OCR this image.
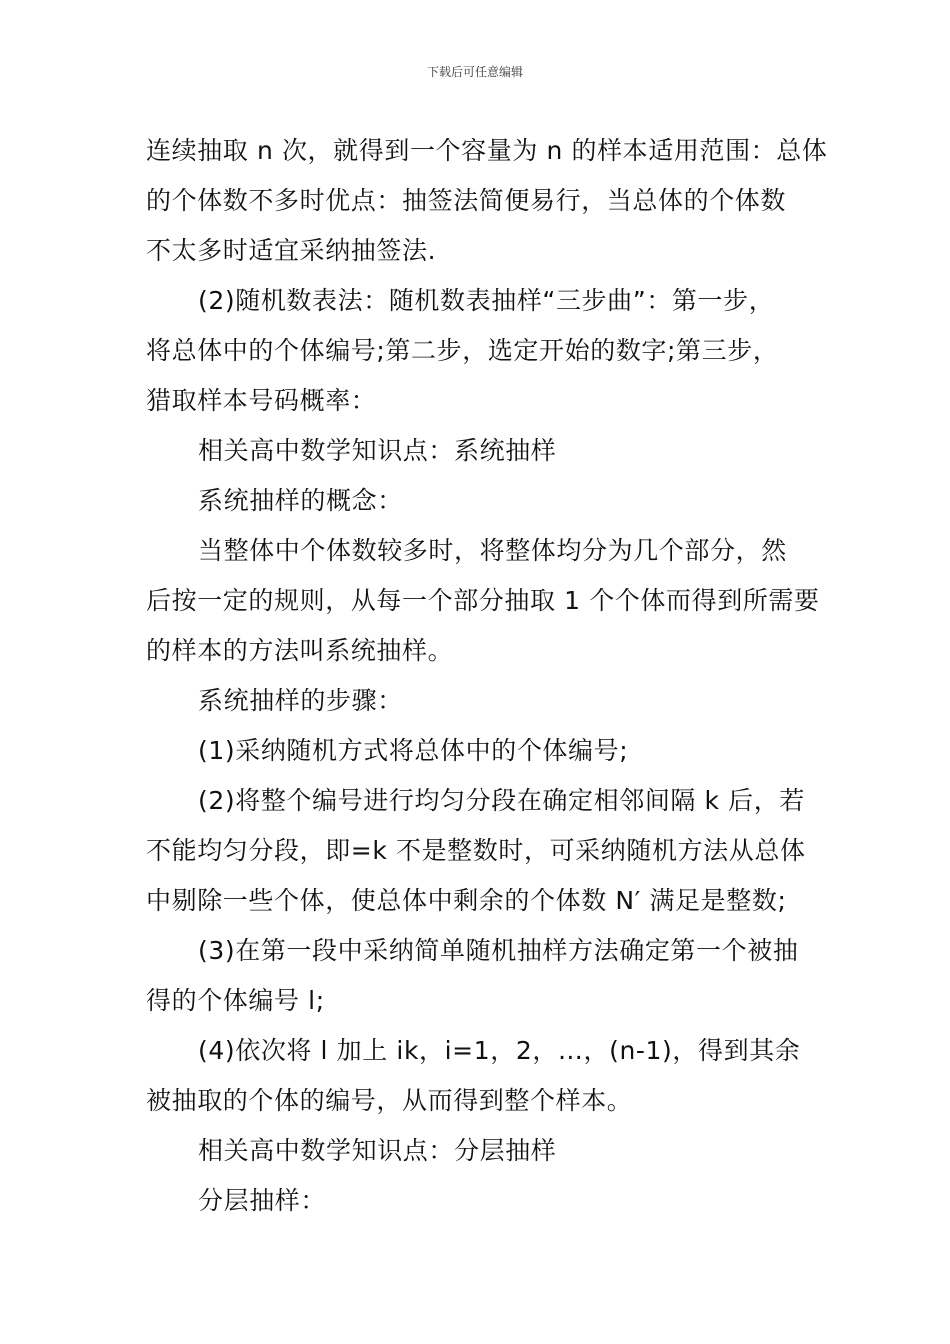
下载后可任意编辑
连续抽取 n 次，就得到一个容量为 n 的样本适用范围：总体
的个体数不多时优点：抽签法简便易行，当总体的个体数
不太多时适宜采纳抽签法.
(2)随机数表法：随机数表抽样“三步曲”：第一步，
将总体中的个体编号;第二步，选定开始的数字;第三步，
猎取样本号码概率：
相关高中数学知识点：系统抽样
系统抽样的概念：
当整体中个体数较多时，将整体均分为几个部分，然
后按一定的规则，从每一个部分抽取 1 个个体而得到所需要
的样本的方法叫系统抽样。
系统抽样的步骤：
(1)采纳随机方式将总体中的个体编号;
(2)将整个编号进行均匀分段在确定相邻间隔 k 后，若
不能均匀分段，即=k 不是整数时，可采纳随机方法从总体
中剔除一些个体，使总体中剩余的个体数 N′ 满足是整数;
(3)在第一段中采纳简单随机抽样方法确定第一个被抽
得的个体编号 l;
(4)依次将 l 加上 ik，i=1，2，…，(n-1)，得到其余
被抽取的个体的编号，从而得到整个样本。
相关高中数学知识点：分层抽样
分层抽样：
